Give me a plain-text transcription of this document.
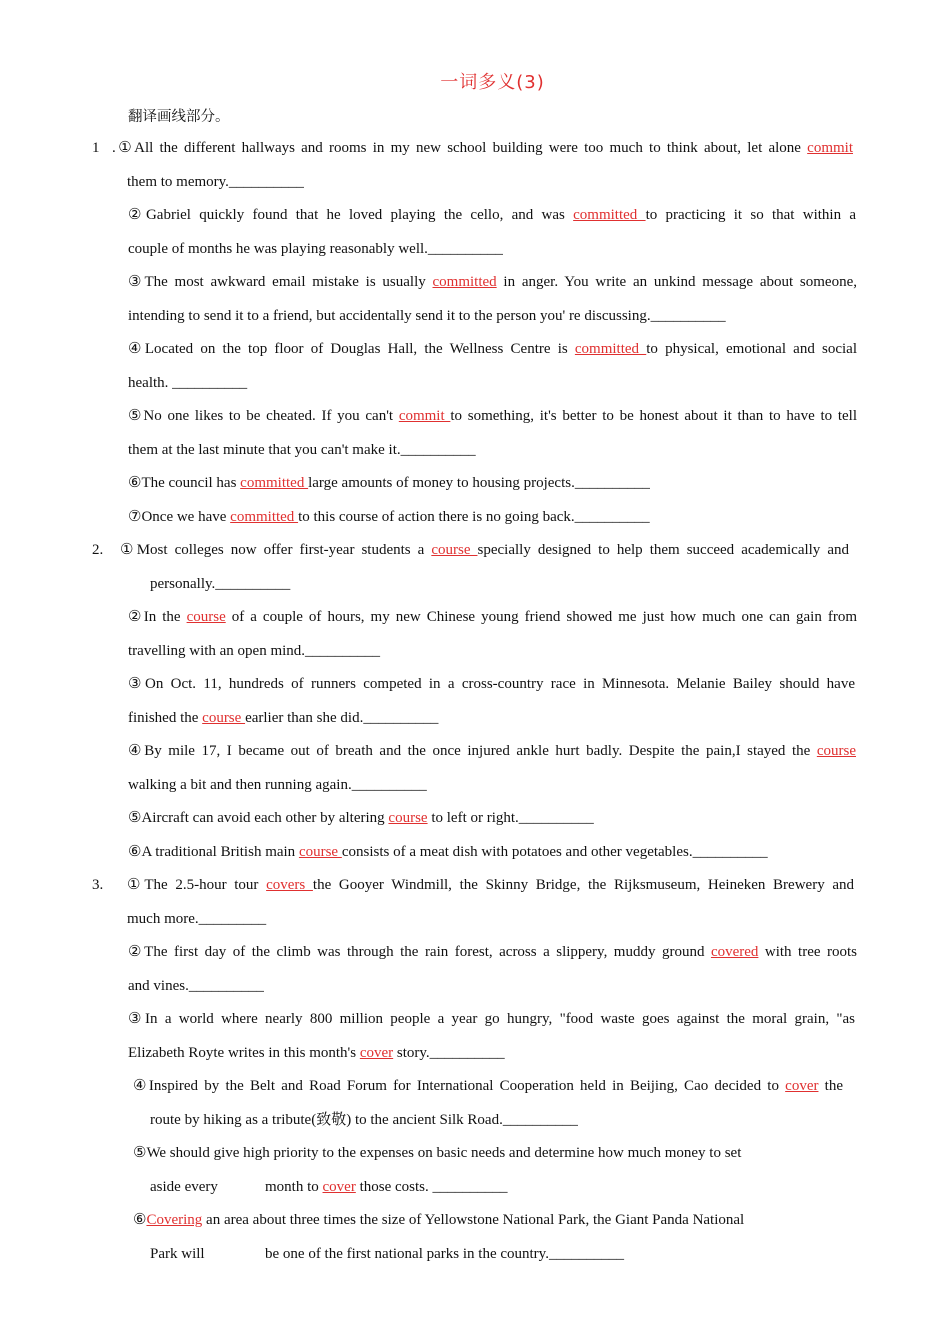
一词多义(3)
翻译画线部分。
1 .①All the different hallways and rooms in my new school building were too much to think about, let alone commit
them to memory.__________
②Gabriel quickly found that he loved playing the cello, and was committed to practicing it so that within a
couple of months he was playing reasonably well.__________
③The most awkward email mistake is usually committed in anger. You write an unkind message about someone,
intending to send it to a friend, but accidentally send it to the person you' re discussing.__________
④Located on the top floor of Douglas Hall, the Wellness Centre is committed to physical, emotional and social
health. __________
⑤No one likes to be cheated. If you can't commit to something, it's better to be honest about it than to have to tell
them at the last minute that you can't make it.__________
⑥The council has committed large amounts of money to housing projects.__________
⑦Once we have committed to this course of action there is no going back.__________
2. ①Most colleges now offer first-year students a course specially designed to help them succeed academically and
personally.__________
②In the course of a couple of hours, my new Chinese young friend showed me just how much one can gain from
travelling with an open mind.__________
③On Oct. 11, hundreds of runners competed in a cross-country race in Minnesota. Melanie Bailey should have
finished the course earlier than she did.__________
④By mile 17, I became out of breath and the once injured ankle hurt badly. Despite the pain,I stayed the course
walking a bit and then running again.__________
⑤Aircraft can avoid each other by altering course to left or right.__________
⑥A traditional British main course consists of a meat dish with potatoes and other vegetables.__________
3. ①The 2.5-hour tour covers the Gooyer Windmill, the Skinny Bridge, the Rijksmuseum, Heineken Brewery and
much more._________
②The first day of the climb was through the rain forest, across a slippery, muddy ground covered with tree roots
and vines.__________
③In a world where nearly 800 million people a year go hungry, "food waste goes against the moral grain, "as
Elizabeth Royte writes in this month's cover story.__________
④Inspired by the Belt and Road Forum for International Cooperation held in Beijing, Cao decided to cover the
route by hiking as a tribute(致敬) to the ancient Silk Road.__________
⑤We should give high priority to the expenses on basic needs and determine how much money to set
aside every	month to cover those costs. __________
⑥Covering an area about three times the size of Yellowstone National Park, the Giant Panda National
Park will	be one of the first national parks in the country.__________
